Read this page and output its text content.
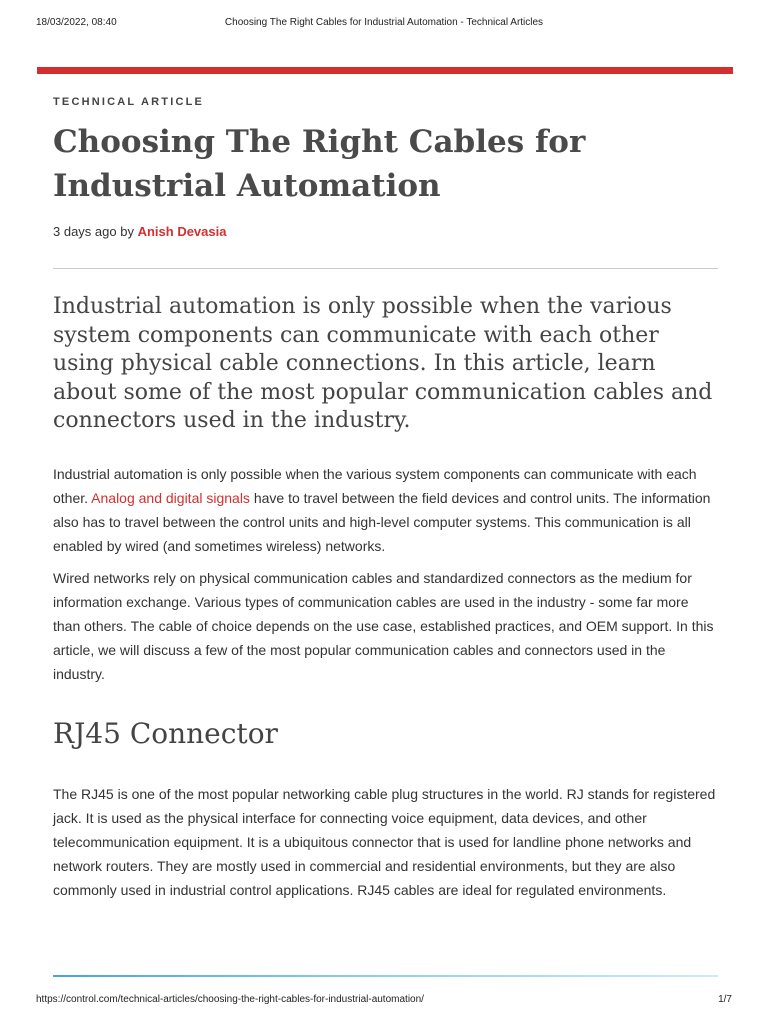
18/03/2022, 08:40	Choosing The Right Cables for Industrial Automation - Technical Articles
TECHNICAL ARTICLE
Choosing The Right Cables for Industrial Automation
3 days ago by Anish Devasia

Industrial automation is only possible when the various system components can communicate with each other using physical cable connections. In this article, learn about some of the most popular communication cables and connectors used in the industry.

Industrial automation is only possible when the various system components can communicate with each other. Analog and digital signals have to travel between the field devices and control units. The information also has to travel between the control units and high-level computer systems. This communication is all enabled by wired (and sometimes wireless) networks.

Wired networks rely on physical communication cables and standardized connectors as the medium for information exchange. Various types of communication cables are used in the industry - some far more than others. The cable of choice depends on the use case, established practices, and OEM support. In this article, we will discuss a few of the most popular communication cables and connectors used in the industry.

RJ45 Connector

The RJ45 is one of the most popular networking cable plug structures in the world. RJ stands for registered jack. It is used as the physical interface for connecting voice equipment, data devices, and other telecommunication equipment. It is a ubiquitous connector that is used for landline phone networks and network routers. They are mostly used in commercial and residential environments, but they are also commonly used in industrial control applications. RJ45 cables are ideal for regulated environments.

https://control.com/technical-articles/choosing-the-right-cables-for-industrial-automation/	1/7
